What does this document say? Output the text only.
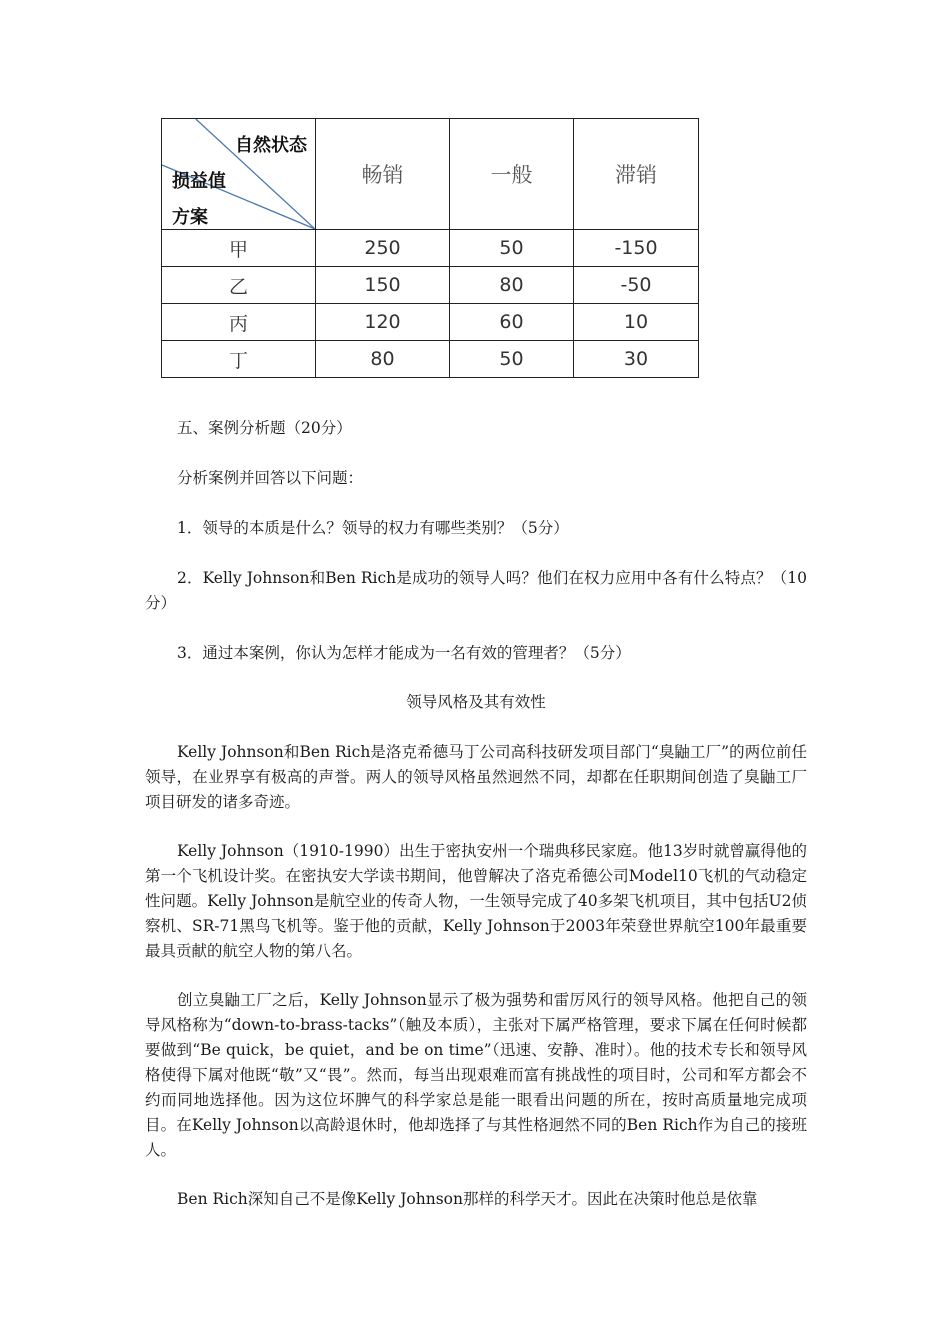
自然状态
损益值
方案	畅销	一般	滞销
甲	250	50	-150
乙	150	80	-50
丙	120	60	10
丁	80	50	30

五、案例分析题（20分）

分析案例并回答以下问题：

1．领导的本质是什么？领导的权力有哪些类别？（5分）

2．Kelly Johnson和Ben Rich是成功的领导人吗？他们在权力应用中各有什么特点？（10分）

3．通过本案例，你认为怎样才能成为一名有效的管理者？（5分）

领导风格及其有效性

Kelly Johnson和Ben Rich是洛克希德马丁公司高科技研发项目部门“臭鼬工厂”的两位前任领导，在业界享有极高的声誉。两人的领导风格虽然迥然不同，却都在任职期间创造了臭鼬工厂项目研发的诸多奇迹。

Kelly Johnson（1910-1990）出生于密执安州一个瑞典移民家庭。他13岁时就曾赢得他的第一个飞机设计奖。在密执安大学读书期间，他曾解决了洛克希德公司Model10飞机的气动稳定性问题。Kelly Johnson是航空业的传奇人物，一生领导完成了40多架飞机项目，其中包括U2侦察机、SR-71黑鸟飞机等。鉴于他的贡献，Kelly Johnson于2003年荣登世界航空100年最重要最具贡献的航空人物的第八名。

创立臭鼬工厂之后，Kelly Johnson显示了极为强势和雷厉风行的领导风格。他把自己的领导风格称为“down-to-brass-tacks”（触及本质），主张对下属严格管理，要求下属在任何时候都要做到“Be quick，be quiet，and be on time”（迅速、安静、准时）。他的技术专长和领导风格使得下属对他既“敬”又“畏”。然而，每当出现艰难而富有挑战性的项目时，公司和军方都会不约而同地选择他。因为这位坏脾气的科学家总是能一眼看出问题的所在，按时高质量地完成项目。在Kelly Johnson以高龄退休时，他却选择了与其性格迥然不同的Ben Rich作为自己的接班人。

Ben Rich深知自己不是像Kelly Johnson那样的科学天才。因此在决策时他总是依靠
